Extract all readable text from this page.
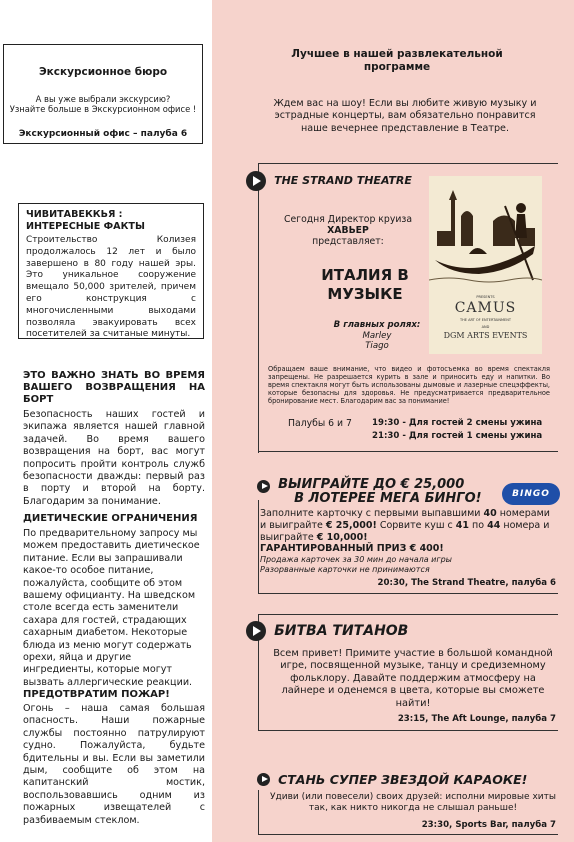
Экскурсионное бюро
А вы уже выбрали экскурсию?
Узнайте больше в Экскурсионном офисе !
Экскурсионный офис – палуба 6
ЧИВИТАВЕККЬЯ : ИНТЕРЕСНЫЕ ФАКТЫ
Строительство Колизея продолжалось 12 лет и было завершено в 80 году нашей эры. Это уникальное сооружение вмещало 50,000 зрителей, причем его конструкция с многочисленными выходами позволяла эвакуировать всех посетителей за считаные минуты.
ЭТО ВАЖНО ЗНАТЬ ВО ВРЕМЯ ВАШЕГО ВОЗВРАЩЕНИЯ НА БОРТ
Безопасность наших гостей и экипажа является нашей главной задачей. Во время вашего возвращения на борт, вас могут попросить пройти контроль служб безопасности дважды: первый раз в порту и второй на борту. Благодарим за понимание.
ДИЕТИЧЕСКИЕ ОГРАНИЧЕНИЯ
По предварительному запросу мы можем предоставить диетическое питание. Если вы запрашивали какое-то особое питание, пожалуйста, сообщите об этом вашему официанту. На шведском столе всегда есть заменители сахара для гостей, страдающих сахарным диабетом. Некоторые блюда из меню могут содержать орехи, яйца и другие ингредиенты, которые могут вызвать аллергические реакции.
ПРЕДОТВРАТИМ ПОЖАР!
Огонь – наша самая большая опасность. Наши пожарные службы постоянно патрулируют судно. Пожалуйста, будьте бдительны и вы. Если вы заметили дым, сообщите об этом на капитанский мостик, воспользовавшись одним из пожарных извещателей с разбиваемым стеклом.
Лучшее в нашей развлекательной программе
Ждем вас на шоу! Если вы любите живую музыку и эстрадные концерты, вам обязательно понравится наше вечернее представление в Театре.
THE STRAND THEATRE
Сегодня Директор круиза
ХАВЬЕР
представляет:
ИТАЛИЯ В МУЗЫКЕ
В главных ролях:
Marley
Tiago
PRESENTS
CAMUS
THE ART OF ENTERTAINMENT
AND
DGM ARTS EVENTS
Обращаем ваше внимание, что видео и фотосъемка во время спектакля запрещены. Не разрешается курить в зале и приносить еду и напитки. Во время спектакля могут быть использованы дымовые и лазерные спецэффекты, которые безопасны для здоровья. Не предусматривается предварительное бронирование мест. Благодарим вас за понимание!
Палубы 6 и 7 19:30 - Для гостей 2 смены ужина
21:30 - Для гостей 1 смены ужина
ВЫИГРАЙТЕ ДО € 25,000
В ЛОТЕРЕЕ МЕГА БИНГО!	BINGO
Заполните карточку с первыми выпавшими 40 номерами и выиграйте € 25,000! Сорвите куш с 41 по 44 номера и выиграйте € 10,000!
ГАРАНТИРОВАННЫЙ ПРИЗ € 400!
Продажа карточек за 30 мин до начала игры
Разорванные карточки не принимаются
20:30, The Strand Theatre, палуба 6
БИТВА ТИТАНОВ
Всем привет! Примите участие в большой командной игре, посвященной музыке, танцу и средиземному фольклору. Давайте поддержим атмосферу на лайнере и оденемся в цвета, которые вы сможете найти!
23:15, The Aft Lounge, палуба 7
СТАНЬ СУПЕР ЗВЕЗДОЙ КАРАОКЕ!
Удиви (или повесели) своих друзей: исполни мировые хиты так, как никто никогда не слышал раньше!
23:30, Sports Bar, палуба 7
